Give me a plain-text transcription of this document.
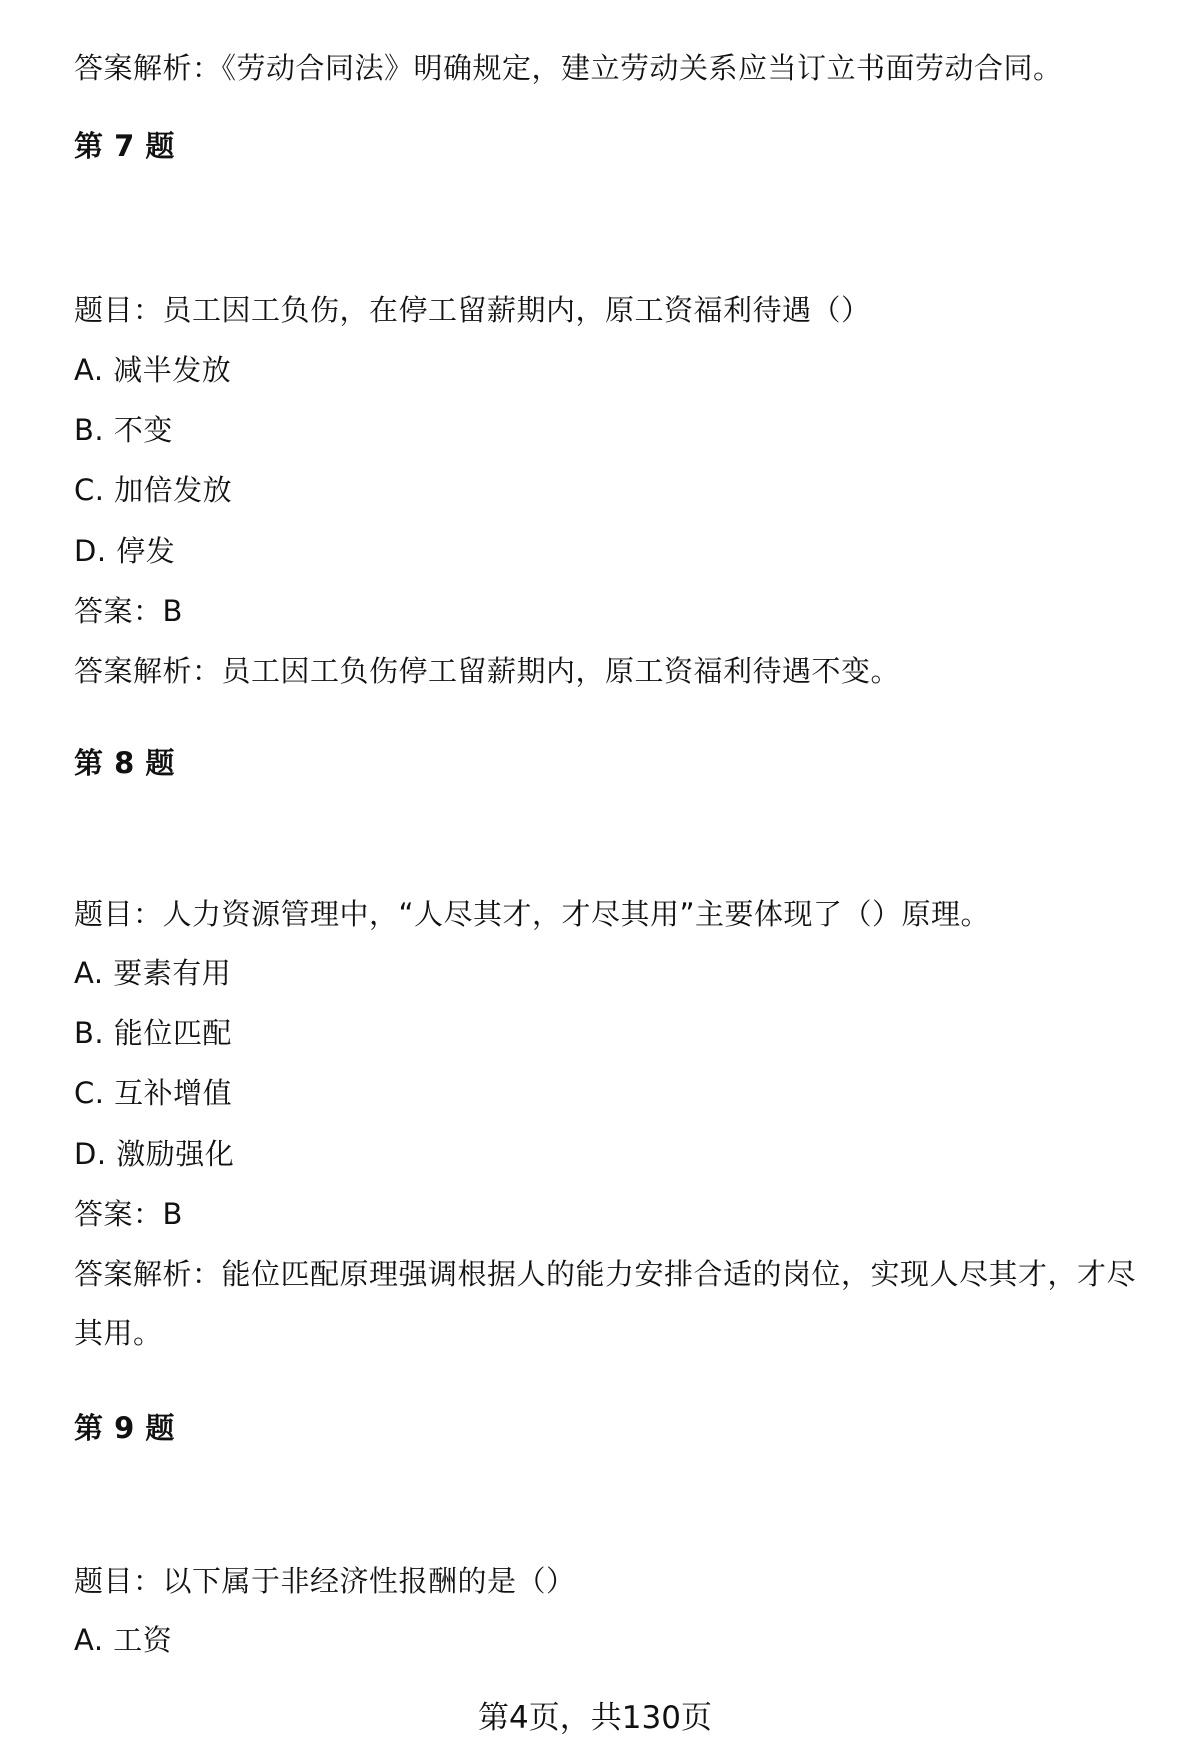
答案解析：《劳动合同法》明确规定，建立劳动关系应当订立书面劳动合同。
第 7 题
题目：员工因工负伤，在停工留薪期内，原工资福利待遇（）
A. 减半发放
B. 不变
C. 加倍发放
D. 停发
答案：B
答案解析：员工因工负伤停工留薪期内，原工资福利待遇不变。
第 8 题
题目：人力资源管理中，“人尽其才，才尽其用”主要体现了（）原理。
A. 要素有用
B. 能位匹配
C. 互补增值
D. 激励强化
答案：B
答案解析：能位匹配原理强调根据人的能力安排合适的岗位，实现人尽其才，才尽其用。
第 9 题
题目：以下属于非经济性报酬的是（）
A. 工资
第4页，共130页
